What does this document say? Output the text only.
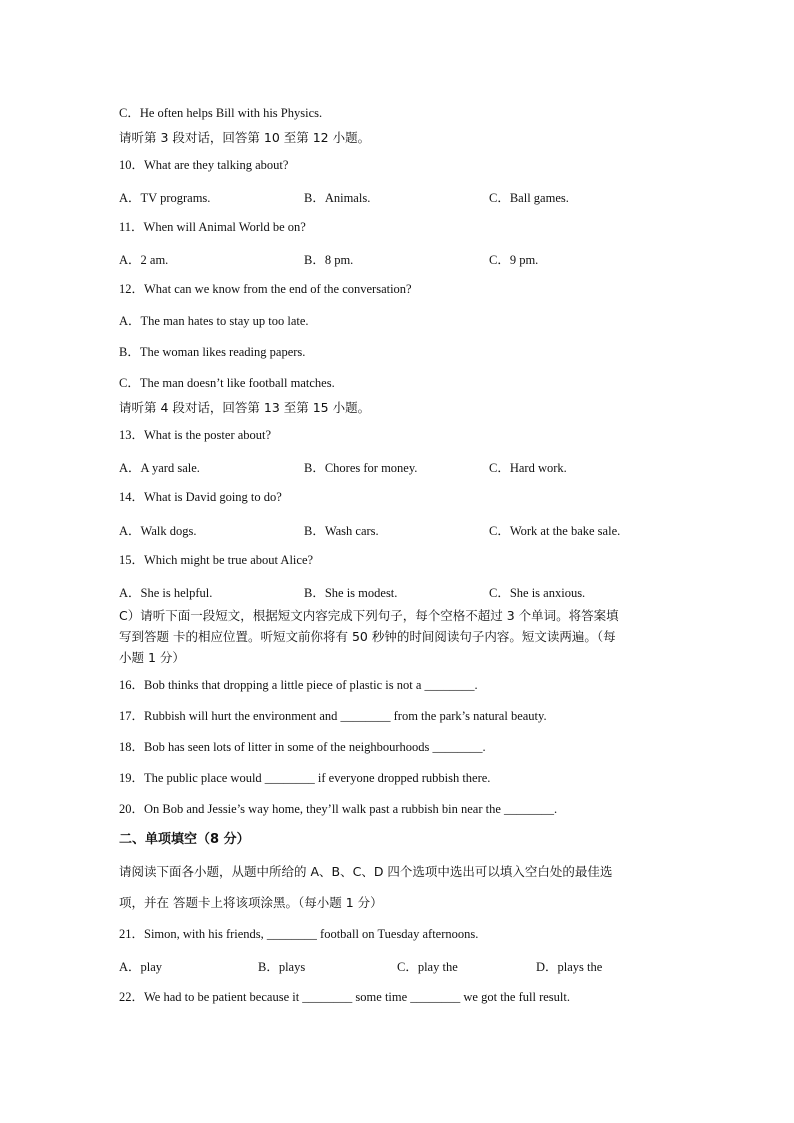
C．He often helps Bill with his Physics.
请听第 3 段对话，回答第 10 至第 12 小题。
10．What are they talking about?
A．TV programs.	B．Animals.	C．Ball games.
11．When will Animal World be on?
A．2 am.	B．8 pm.	C．9 pm.
12．What can we know from the end of the conversation?
A．The man hates to stay up too late.
B．The woman likes reading papers.
C．The man doesn’t like football matches.
请听第 4 段对话，回答第 13 至第 15 小题。
13．What is the poster about?
A．A yard sale.	B．Chores for money.	C．Hard work.
14．What is David going to do?
A．Walk dogs.	B．Wash cars.	C．Work at the bake sale.
15．Which might be true about Alice?
A．She is helpful.	B．She is modest.	C．She is anxious.
C）请听下面一段短文，根据短文内容完成下列句子，每个空格不超过 3 个单词。将答案填
写到答题 卡的相应位置。听短文前你将有 50 秒钟的时间阅读句子内容。短文读两遍。（每
小题 1 分）
16．Bob thinks that dropping a little piece of plastic is not a ________.
17．Rubbish will hurt the environment and ________ from the park’s natural beauty.
18．Bob has seen lots of litter in some of the neighbourhoods ________.
19．The public place would ________ if everyone dropped rubbish there.
20．On Bob and Jessie’s way home, they’ll walk past a rubbish bin near the ________.
二、单项填空（8 分）
请阅读下面各小题，从题中所给的 A、B、C、D 四个选项中选出可以填入空白处的最佳选
项，并在 答题卡上将该项涂黑。（每小题 1 分）
21．Simon, with his friends, ________ football on Tuesday afternoons.
A．play	B．plays	C．play the	D．plays the
22．We had to be patient because it ________ some time ________ we got the full result.
